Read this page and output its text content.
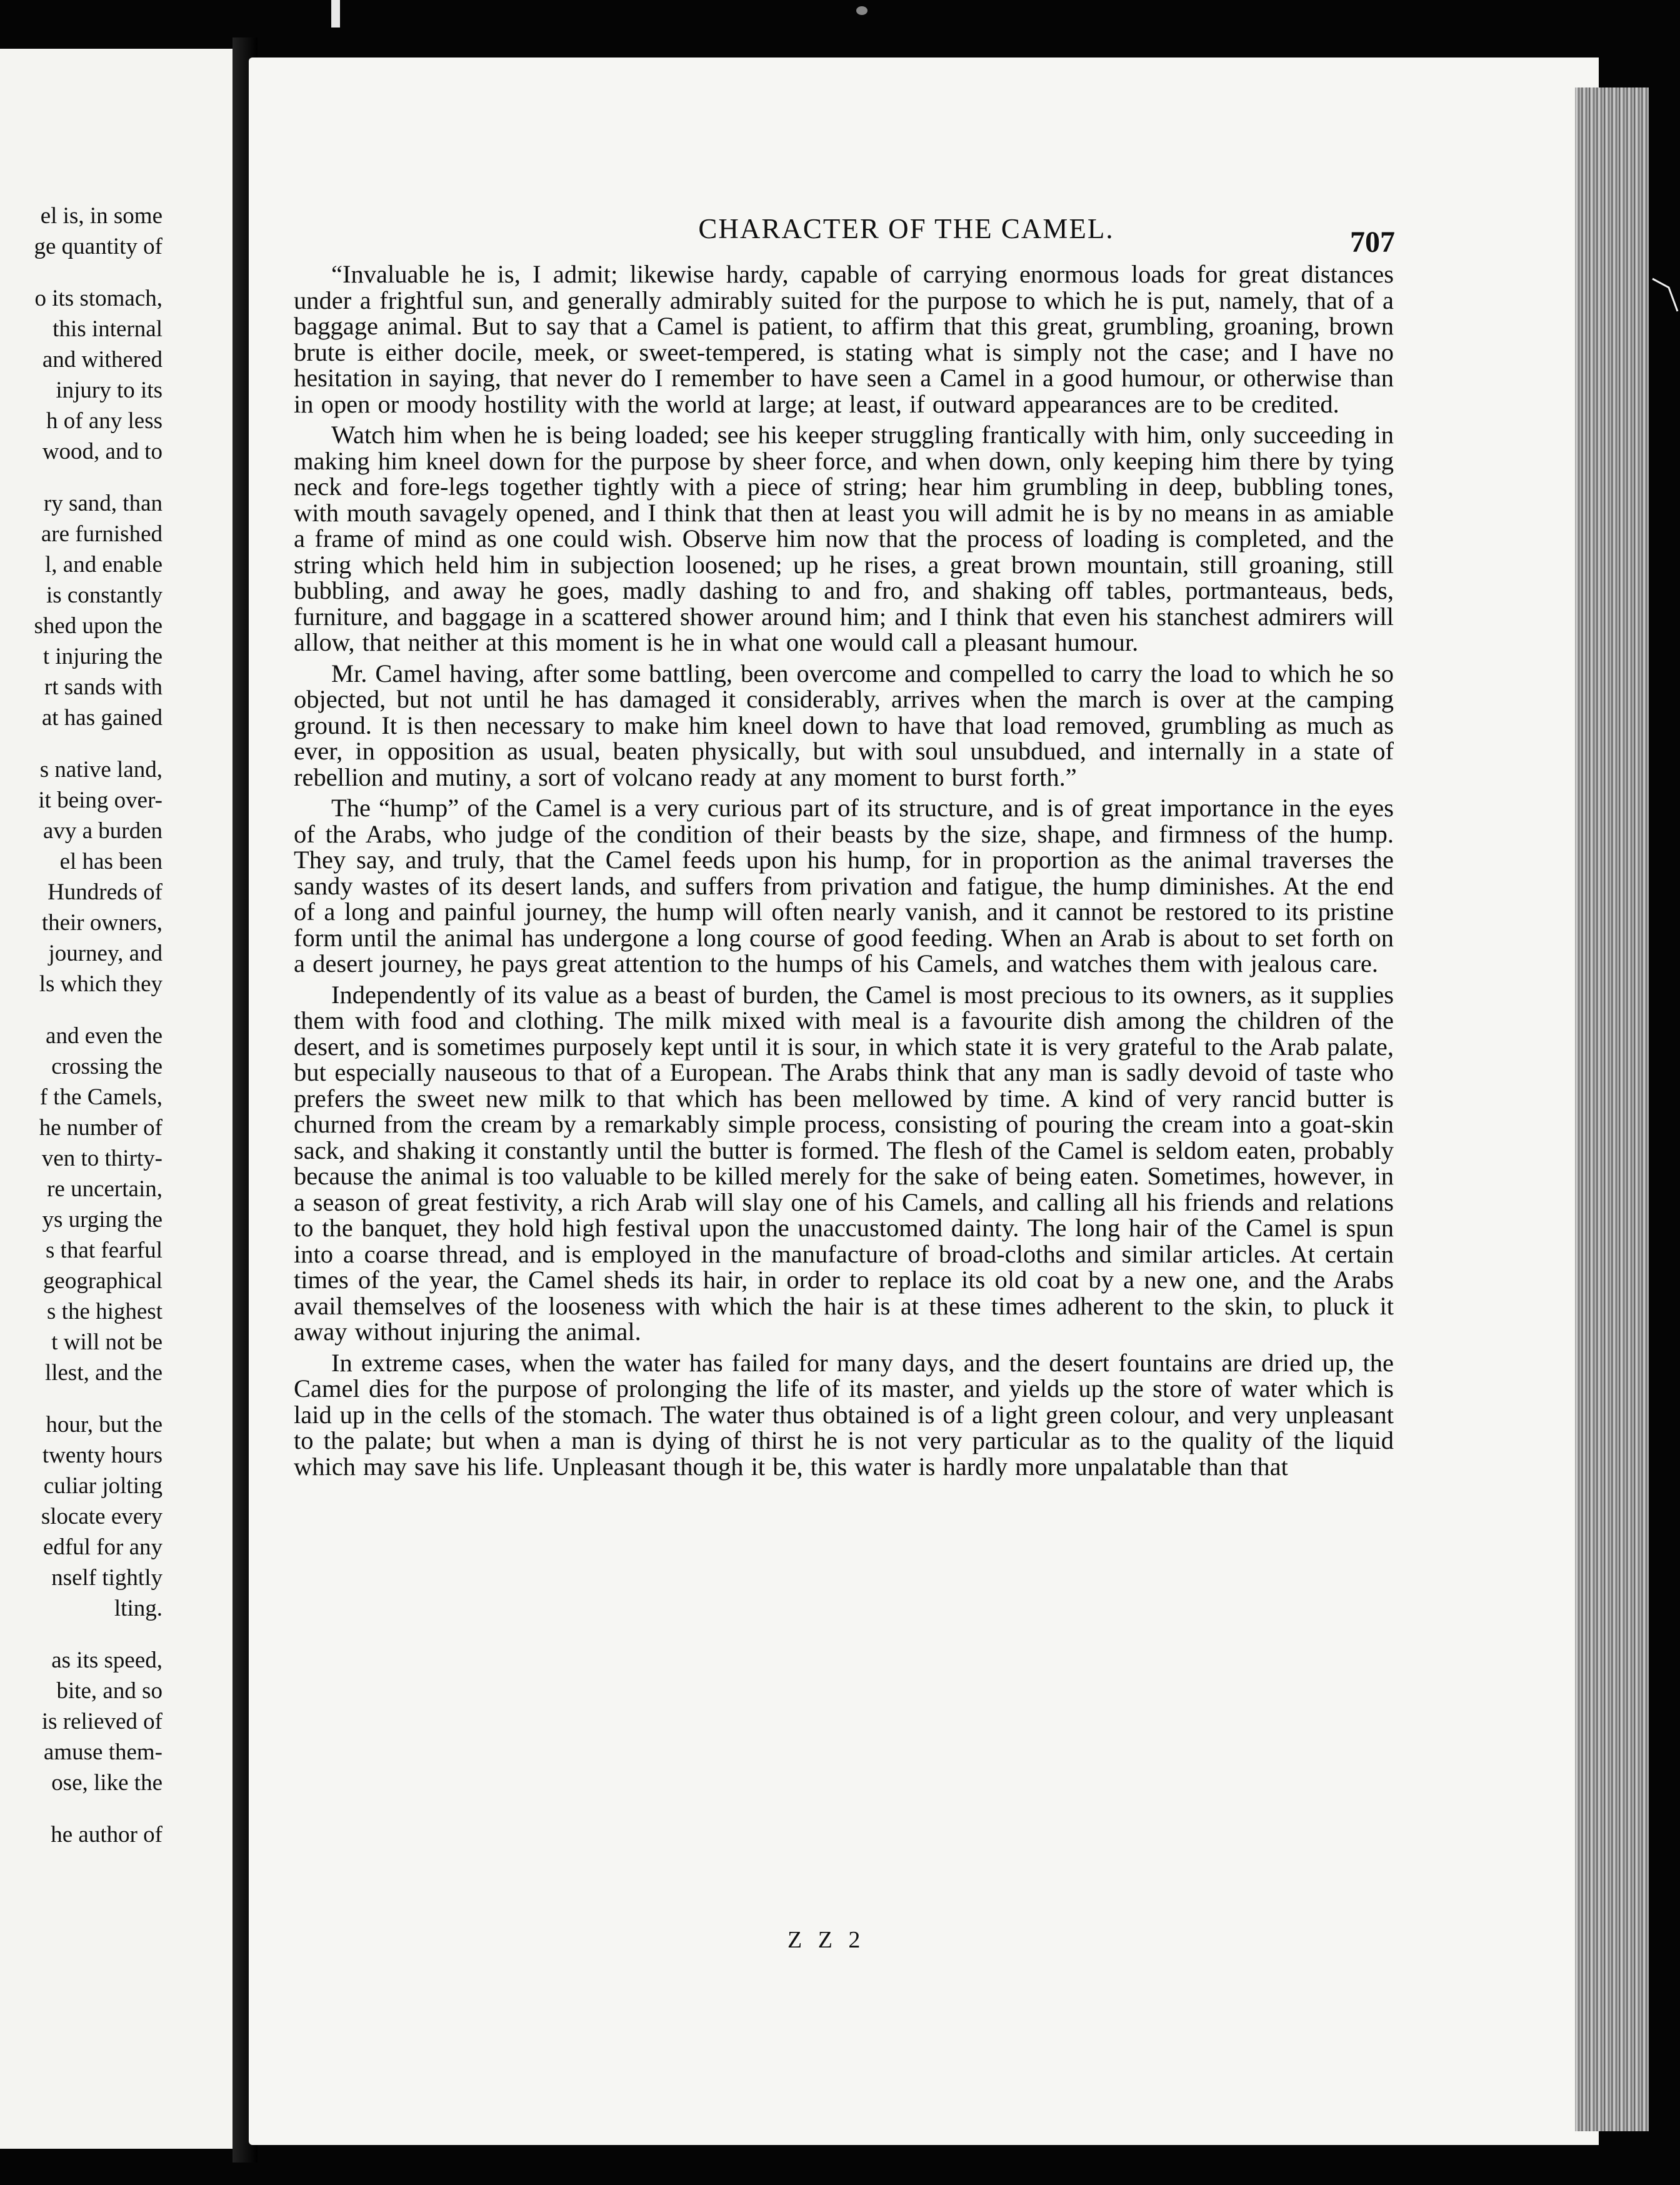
el is, in some
ge quantity of
o its stomach,
this internal
and withered
injury to its
h of any less
wood, and to
ry sand, than
are furnished
l, and enable
is constantly
shed upon the
t injuring the
rt sands with
at has gained
s native land,
it being over-
avy a burden
el has been
Hundreds of
their owners,
journey, and
ls which they
and even the
crossing the
f the Camels,
he number of
ven to thirty-
re uncertain,
ys urging the
s that fearful
geographical
s the highest
t will not be
llest, and the
hour, but the
twenty hours
culiar jolting
slocate every
edful for any
nself tightly
lting.
as its speed,
bite, and so
is relieved of
amuse them-
ose, like the
he author of
CHARACTER OF THE CAMEL.	707

“Invaluable he is, I admit; likewise hardy, capable of carrying enormous loads for great distances under a frightful sun, and generally admirably suited for the purpose to which he is put, namely, that of a baggage animal. But to say that a Camel is patient, to affirm that this great, grumbling, groaning, brown brute is either docile, meek, or sweet-tempered, is stating what is simply not the case; and I have no hesitation in saying, that never do I remember to have seen a Camel in a good humour, or otherwise than in open or moody hostility with the world at large; at least, if outward appearances are to be credited.

Watch him when he is being loaded; see his keeper struggling frantically with him, only succeeding in making him kneel down for the purpose by sheer force, and when down, only keeping him there by tying neck and fore-legs together tightly with a piece of string; hear him grumbling in deep, bubbling tones, with mouth savagely opened, and I think that then at least you will admit he is by no means in as amiable a frame of mind as one could wish. Observe him now that the process of loading is completed, and the string which held him in subjection loosened; up he rises, a great brown mountain, still groaning, still bubbling, and away he goes, madly dashing to and fro, and shaking off tables, portmanteaus, beds, furniture, and baggage in a scattered shower around him; and I think that even his stanchest admirers will allow, that neither at this moment is he in what one would call a pleasant humour.

Mr. Camel having, after some battling, been overcome and compelled to carry the load to which he so objected, but not until he has damaged it considerably, arrives when the march is over at the camping ground. It is then necessary to make him kneel down to have that load removed, grumbling as much as ever, in opposition as usual, beaten physically, but with soul unsubdued, and internally in a state of rebellion and mutiny, a sort of volcano ready at any moment to burst forth.”

The “hump” of the Camel is a very curious part of its structure, and is of great importance in the eyes of the Arabs, who judge of the condition of their beasts by the size, shape, and firmness of the hump. They say, and truly, that the Camel feeds upon his hump, for in proportion as the animal traverses the sandy wastes of its desert lands, and suffers from privation and fatigue, the hump diminishes. At the end of a long and painful journey, the hump will often nearly vanish, and it cannot be restored to its pristine form until the animal has undergone a long course of good feeding. When an Arab is about to set forth on a desert journey, he pays great attention to the humps of his Camels, and watches them with jealous care.

Independently of its value as a beast of burden, the Camel is most precious to its owners, as it supplies them with food and clothing. The milk mixed with meal is a favourite dish among the children of the desert, and is sometimes purposely kept until it is sour, in which state it is very grateful to the Arab palate, but especially nauseous to that of a European. The Arabs think that any man is sadly devoid of taste who prefers the sweet new milk to that which has been mellowed by time. A kind of very rancid butter is churned from the cream by a remarkably simple process, consisting of pouring the cream into a goat-skin sack, and shaking it constantly until the butter is formed. The flesh of the Camel is seldom eaten, probably because the animal is too valuable to be killed merely for the sake of being eaten. Sometimes, however, in a season of great festivity, a rich Arab will slay one of his Camels, and calling all his friends and relations to the banquet, they hold high festival upon the unaccustomed dainty. The long hair of the Camel is spun into a coarse thread, and is employed in the manufacture of broad-cloths and similar articles. At certain times of the year, the Camel sheds its hair, in order to replace its old coat by a new one, and the Arabs avail themselves of the looseness with which the hair is at these times adherent to the skin, to pluck it away without injuring the animal.

In extreme cases, when the water has failed for many days, and the desert fountains are dried up, the Camel dies for the purpose of prolonging the life of its master, and yields up the store of water which is laid up in the cells of the stomach. The water thus obtained is of a light green colour, and very unpleasant to the palate; but when a man is dying of thirst he is not very particular as to the quality of the liquid which may save his life. Unpleasant though it be, this water is hardly more unpalatable than that

Z Z 2
